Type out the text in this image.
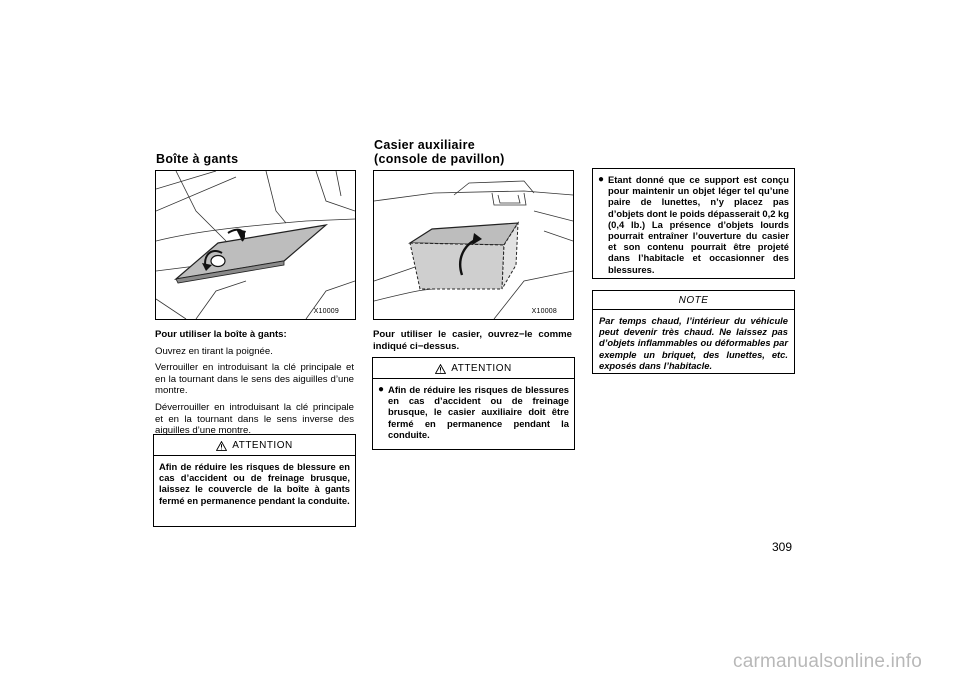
Boîte à gants
X10009

Pour utiliser la boîte à gants:

Ouvrez en tirant la poignée.

Verrouiller en introduisant la clé principale et en la tournant dans le sens des aiguilles d’une montre.

Déverrouiller en introduisant la clé principale et en la tournant dans le sens inverse des aiguilles d’une montre.

ATTENTION
Afin de réduire les risques de blessure en cas d’accident ou de freinage brusque, laissez le couvercle de la boîte à gants fermé en permanence pendant la conduite.
Casier auxiliaire
(console de pavillon)
X10008

Pour utiliser le casier, ouvrez−le comme indiqué ci−dessus.

ATTENTION
● Afin de réduire les risques de blessures en cas d’accident ou de freinage brusque, le casier auxiliaire doit être fermé en permanence pendant la conduite.
● Etant donné que ce support est conçu pour maintenir un objet léger tel qu’une paire de lunettes, n’y placez pas d’objets dont le poids dépasserait 0,2 kg (0,4 lb.) La présence d’objets lourds pourrait entraîner l’ouverture du casier et son contenu pourrait être projeté dans l’habitacle et occasionner des blessures.
NOTE
Par temps chaud, l’intérieur du véhicule peut devenir très chaud. Ne laissez pas d’objets inflammables ou déformables par exemple un briquet, des lunettes, etc. exposés dans l’habitacle.
309
carmanualsonline.info
